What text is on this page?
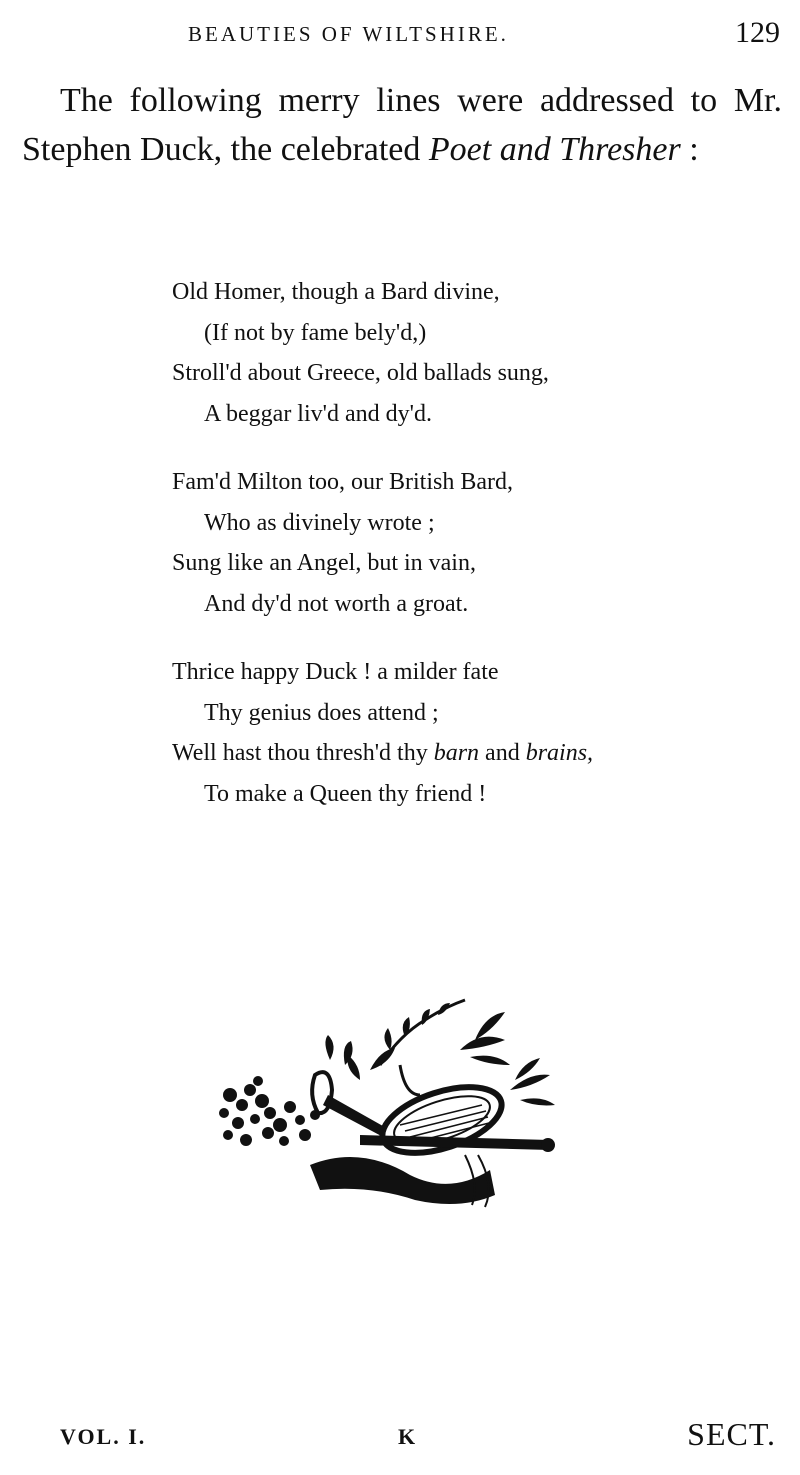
BEAUTIES OF WILTSHIRE.	129

The following merry lines were addressed to Mr. Stephen Duck, the celebrated Poet and Thresher :

Old Homer, though a Bard divine,
(If not by fame bely'd,)
Stroll'd about Greece, old ballads sung,
A beggar liv'd and dy'd.
Fam'd Milton too, our British Bard,
Who as divinely wrote ;
Sung like an Angel, but in vain,
And dy'd not worth a groat.
Thrice happy Duck ! a milder fate
Thy genius does attend ;
Well hast thou thresh'd thy barn and brains,
To make a Queen thy friend !
VOL. I.	K	SECT.
